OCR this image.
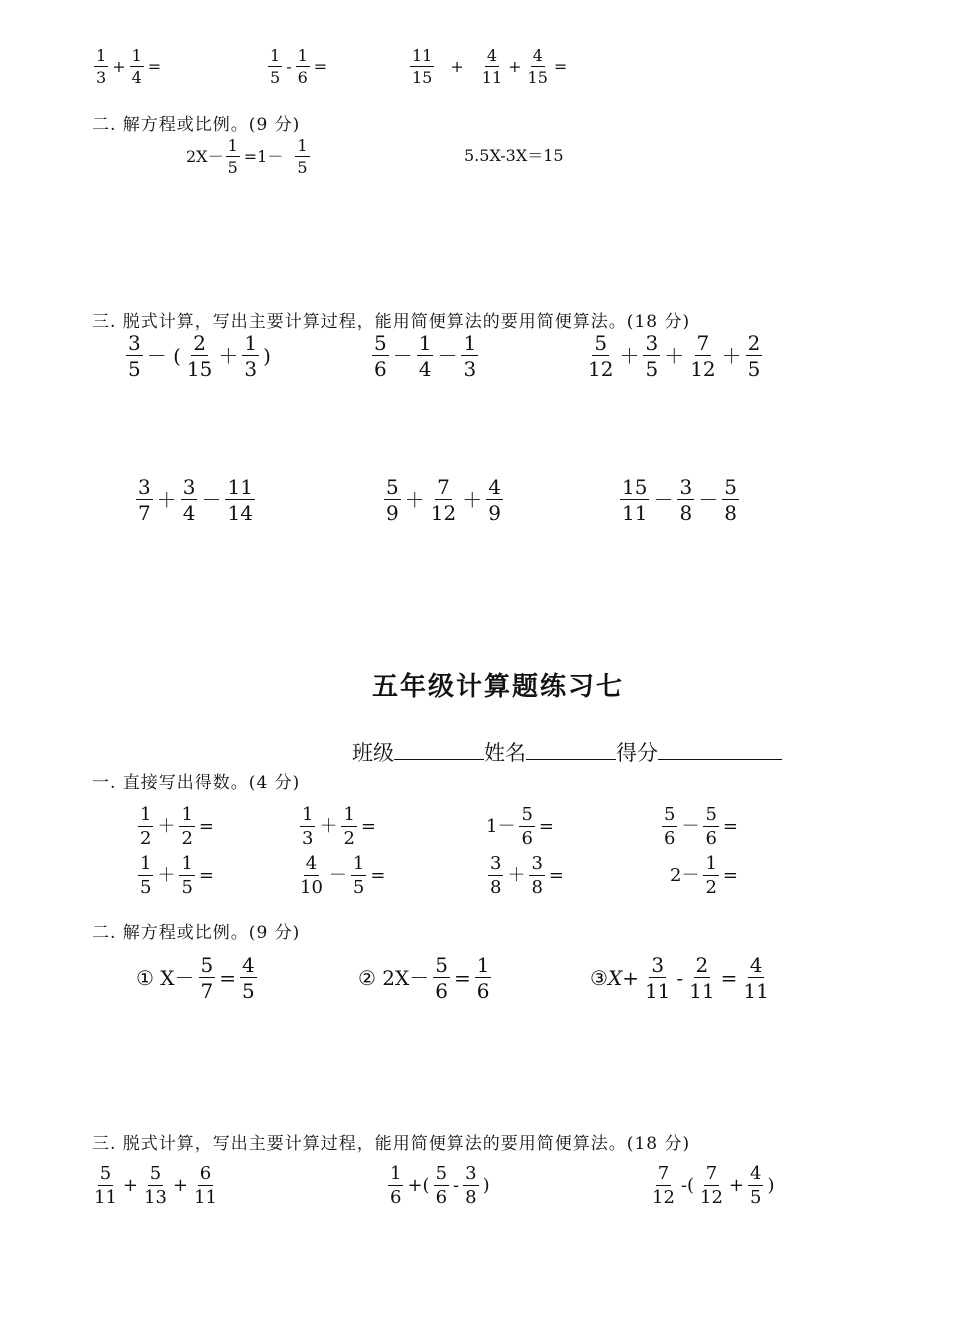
$\frac{1}{3} + \frac{1}{4}$ =	$\frac{1}{5} - \frac{1}{6}$ =	$\frac{11}{15} + \frac{4}{11} + \frac{4}{15}$ =
二. 解方程或比例。(9 分)
$2X- \frac{1}{5} =1- \frac{1}{5}$	5.5X-3X＝15
三. 脱式计算，写出主要计算过程，能用简便算法的要用简便算法。(18 分)
$\frac{3}{5}$ － ( $\frac{2}{15} + \frac{1}{3}$ )	$\frac{5}{6} - \frac{1}{4} - \frac{1}{3}$	$\frac{5}{12} + \frac{3}{5} + \frac{7}{12} + \frac{2}{5}$
$\frac{3}{7} + \frac{3}{4} - \frac{11}{14}$	$\frac{5}{9} + \frac{7}{12} + \frac{4}{9}$	$\frac{15}{11} - \frac{3}{8} - \frac{5}{8}$
五年级计算题练习七
班级	姓名	得分
一. 直接写出得数。(4 分)
$\frac{1}{2} + \frac{1}{2}$ =	$\frac{1}{3} + \frac{1}{2}$ =	$1- \frac{5}{6}$ =	$\frac{5}{6} - \frac{5}{6}$ =
$\frac{1}{5} + \frac{1}{5}$ =	$\frac{4}{10} - \frac{1}{5}$ =	$\frac{3}{8} + \frac{3}{8}$ =	$2- \frac{1}{2}$ =
二. 解方程或比例。(9 分)
① $X- \frac{5}{7} = \frac{4}{5}$	② $2X- \frac{5}{6} = \frac{1}{6}$	③X+ $\frac{3}{11} - \frac{2}{11} = \frac{4}{11}$
三. 脱式计算，写出主要计算过程，能用简便算法的要用简便算法。(18 分)
$\frac{5}{11} + \frac{5}{13} + \frac{6}{11}$	$\frac{1}{6}$ +( $\frac{5}{6} - \frac{3}{8}$ )	$\frac{7}{12}$ -( $\frac{7}{12} + \frac{4}{5}$ )
